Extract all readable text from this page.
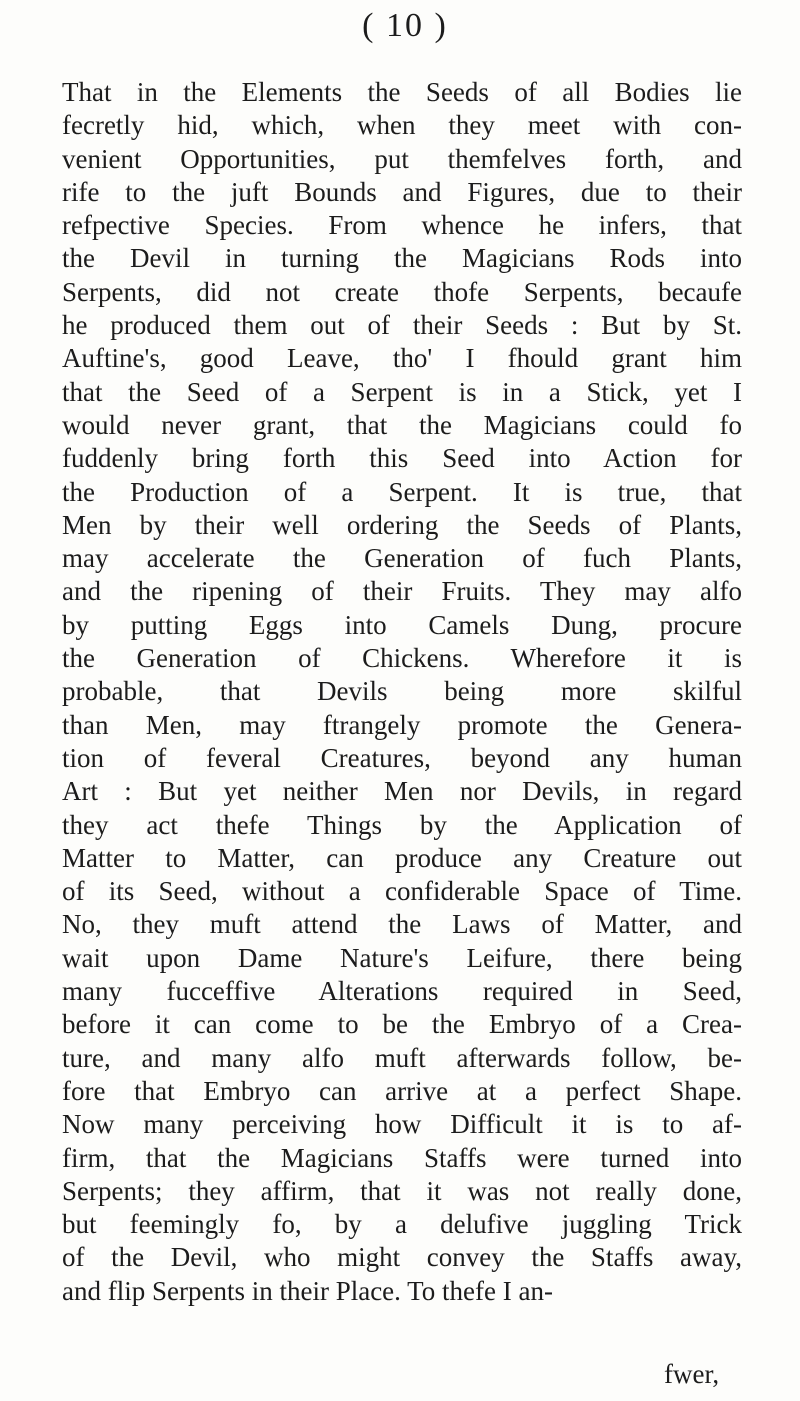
( 10 )
That in the Elements the Seeds of all Bodies lie
fecretly hid, which, when they meet with con-
venient Opportunities, put themfelves forth, and
rife to the juft Bounds and Figures, due to their
refpective Species. From whence he infers, that
the Devil in turning the Magicians Rods into
Serpents, did not create thofe Serpents, becaufe
he produced them out of their Seeds : But by St.
Auftine's, good Leave, tho' I fhould grant him
that the Seed of a Serpent is in a Stick, yet I
would never grant, that the Magicians could fo
fuddenly bring forth this Seed into Action for
the Production of a Serpent. It is true, that
Men by their well ordering the Seeds of Plants,
may accelerate the Generation of fuch Plants,
and the ripening of their Fruits. They may alfo
by putting Eggs into Camels Dung, procure
the Generation of Chickens. Wherefore it is
probable, that Devils being more skilful
than Men, may ftrangely promote the Genera-
tion of feveral Creatures, beyond any human
Art : But yet neither Men nor Devils, in regard
they act thefe Things by the Application of
Matter to Matter, can produce any Creature out
of its Seed, without a confiderable Space of Time.
No, they muft attend the Laws of Matter, and
wait upon Dame Nature's Leifure, there being
many fucceffive Alterations required in Seed,
before it can come to be the Embryo of a Crea-
ture, and many alfo muft afterwards follow, be-
fore that Embryo can arrive at a perfect Shape.
Now many perceiving how Difficult it is to af-
firm, that the Magicians Staffs were turned into
Serpents; they affirm, that it was not really done,
but feemingly fo, by a delufive juggling Trick
of the Devil, who might convey the Staffs away,
and flip Serpents in their Place. To thefe I an-
fwer,
